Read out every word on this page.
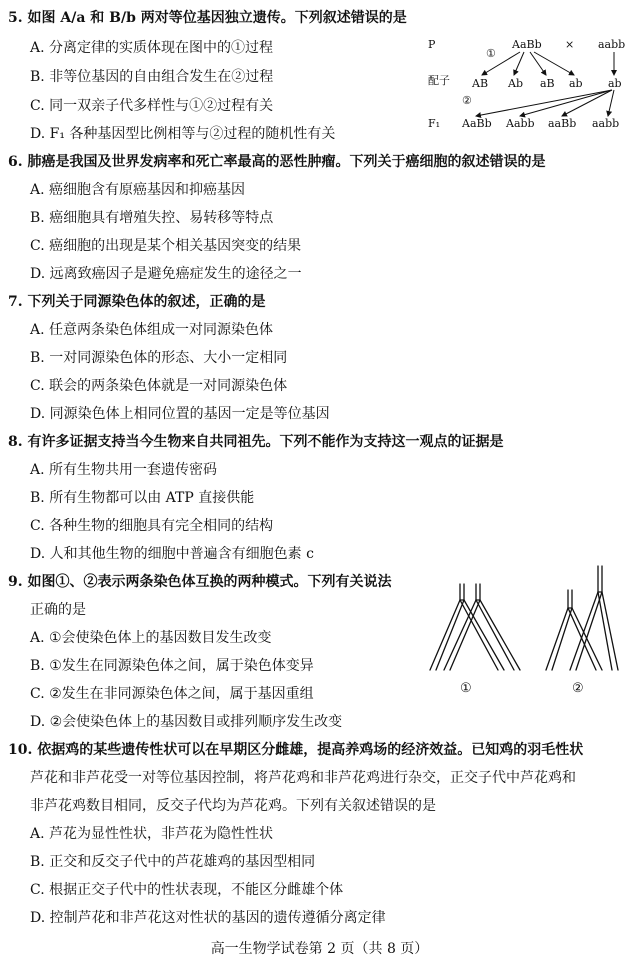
5. 如图 A/a 和 B/b 两对等位基因独立遗传。下列叙述错误的是
A. 分离定律的实质体现在图中的①过程
B. 非等位基因的自由组合发生在②过程
C. 同一双亲子代多样性与①②过程有关
D. F₁ 各种基因型比例相等与②过程的随机性有关
P	AaBb × aabb
配子 AB Ab aB ab ab
①
②
F₁ AaBb Aabb aaBb aabb
6. 肺癌是我国及世界发病率和死亡率最高的恶性肿瘤。下列关于癌细胞的叙述错误的是
A. 癌细胞含有原癌基因和抑癌基因
B. 癌细胞具有增殖失控、易转移等特点
C. 癌细胞的出现是某个相关基因突变的结果
D. 远离致癌因子是避免癌症发生的途径之一
7. 下列关于同源染色体的叙述，正确的是
A. 任意两条染色体组成一对同源染色体
B. 一对同源染色体的形态、大小一定相同
C. 联会的两条染色体就是一对同源染色体
D. 同源染色体上相同位置的基因一定是等位基因
8. 有许多证据支持当今生物来自共同祖先。下列不能作为支持这一观点的证据是
A. 所有生物共用一套遗传密码
B. 所有生物都可以由 ATP 直接供能
C. 各种生物的细胞具有完全相同的结构
D. 人和其他生物的细胞中普遍含有细胞色素 c
9. 如图①、②表示两条染色体互换的两种模式。下列有关说法
正确的是
A. ①会使染色体上的基因数目发生改变
B. ①发生在同源染色体之间，属于染色体变异
C. ②发生在非同源染色体之间，属于基因重组
D. ②会使染色体上的基因数目或排列顺序发生改变
①	②
10. 依据鸡的某些遗传性状可以在早期区分雌雄，提高养鸡场的经济效益。已知鸡的羽毛性状
芦花和非芦花受一对等位基因控制，将芦花鸡和非芦花鸡进行杂交，正交子代中芦花鸡和
非芦花鸡数目相同，反交子代均为芦花鸡。下列有关叙述错误的是
A. 芦花为显性性状，非芦花为隐性性状
B. 正交和反交子代中的芦花雄鸡的基因型相同
C. 根据正交子代中的性状表现，不能区分雌雄个体
D. 控制芦花和非芦花这对性状的基因的遗传遵循分离定律
高一生物学试卷第 2 页（共 8 页）
